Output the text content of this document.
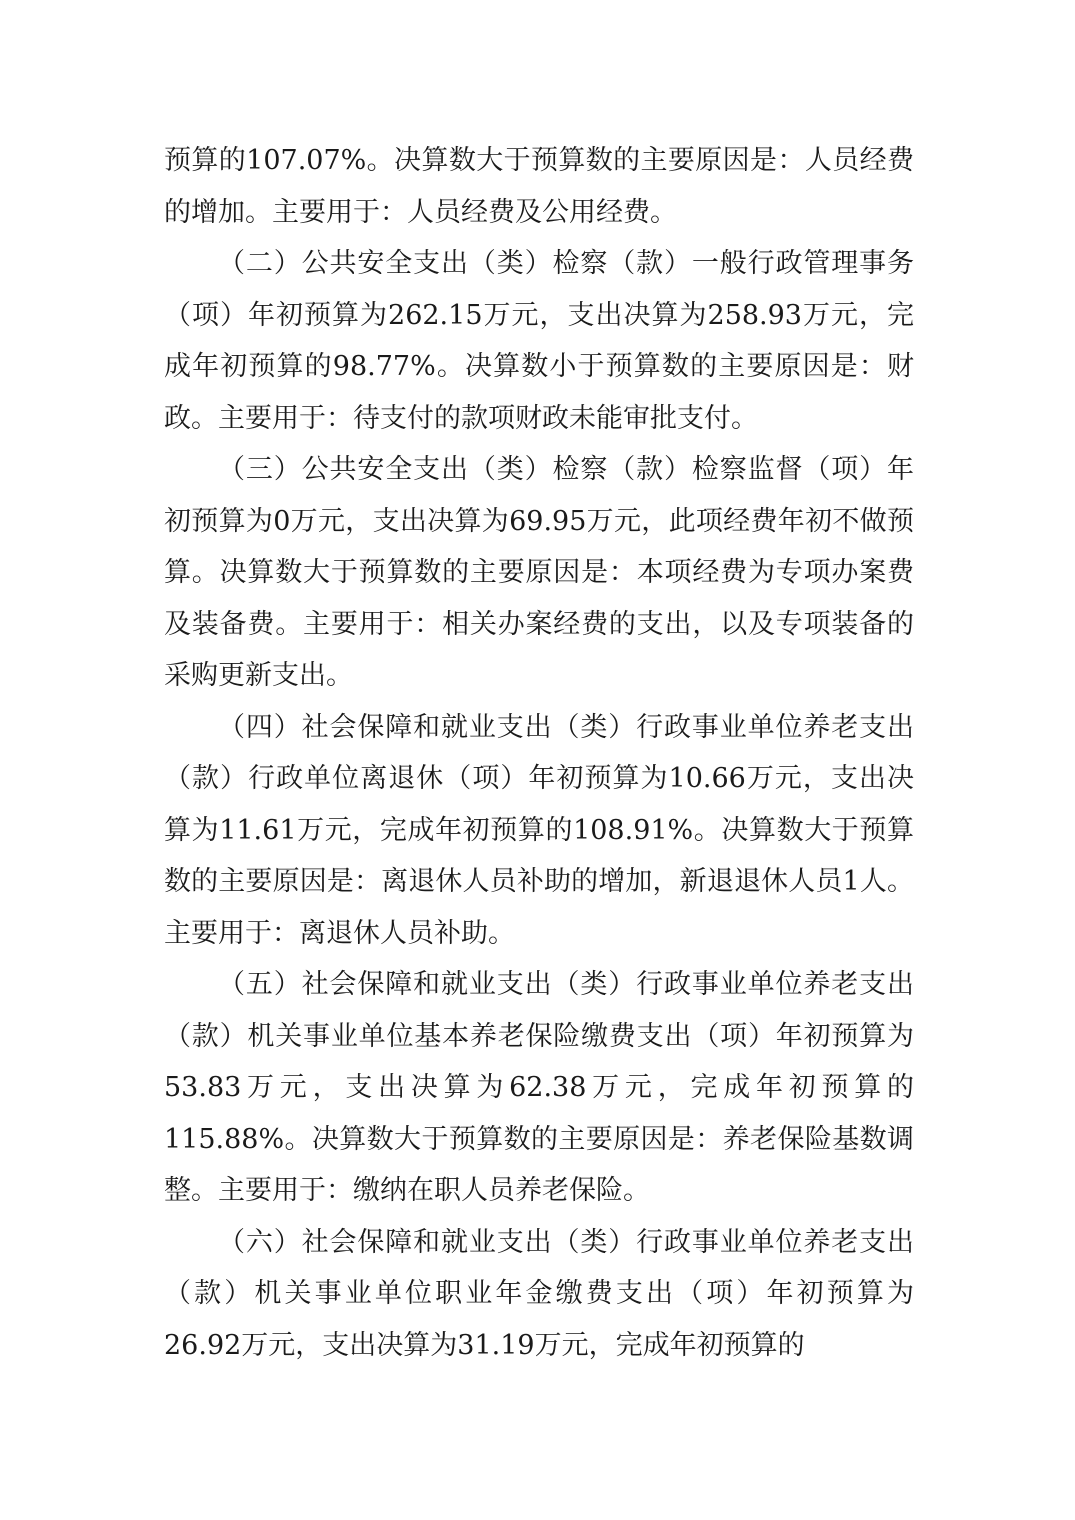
预算的107.07%。决算数大于预算数的主要原因是：人员经费的增加。主要用于：人员经费及公用经费。

（二）公共安全支出（类）检察（款）一般行政管理事务（项）年初预算为262.15万元，支出决算为258.93万元，完成年初预算的98.77%。决算数小于预算数的主要原因是：财政。主要用于：待支付的款项财政未能审批支付。

（三）公共安全支出（类）检察（款）检察监督（项）年初预算为0万元，支出决算为69.95万元，此项经费年初不做预算。决算数大于预算数的主要原因是：本项经费为专项办案费及装备费。主要用于：相关办案经费的支出，以及专项装备的采购更新支出。

（四）社会保障和就业支出（类）行政事业单位养老支出（款）行政单位离退休（项）年初预算为10.66万元，支出决算为11.61万元，完成年初预算的108.91%。决算数大于预算数的主要原因是：离退休人员补助的增加，新退退休人员1人。主要用于：离退休人员补助。

（五）社会保障和就业支出（类）行政事业单位养老支出（款）机关事业单位基本养老保险缴费支出（项）年初预算为53.83万元，支出决算为62.38万元，完成年初预算的115.88%。决算数大于预算数的主要原因是：养老保险基数调整。主要用于：缴纳在职人员养老保险。

（六）社会保障和就业支出（类）行政事业单位养老支出（款）机关事业单位职业年金缴费支出（项）年初预算为26.92万元，支出决算为31.19万元，完成年初预算的
